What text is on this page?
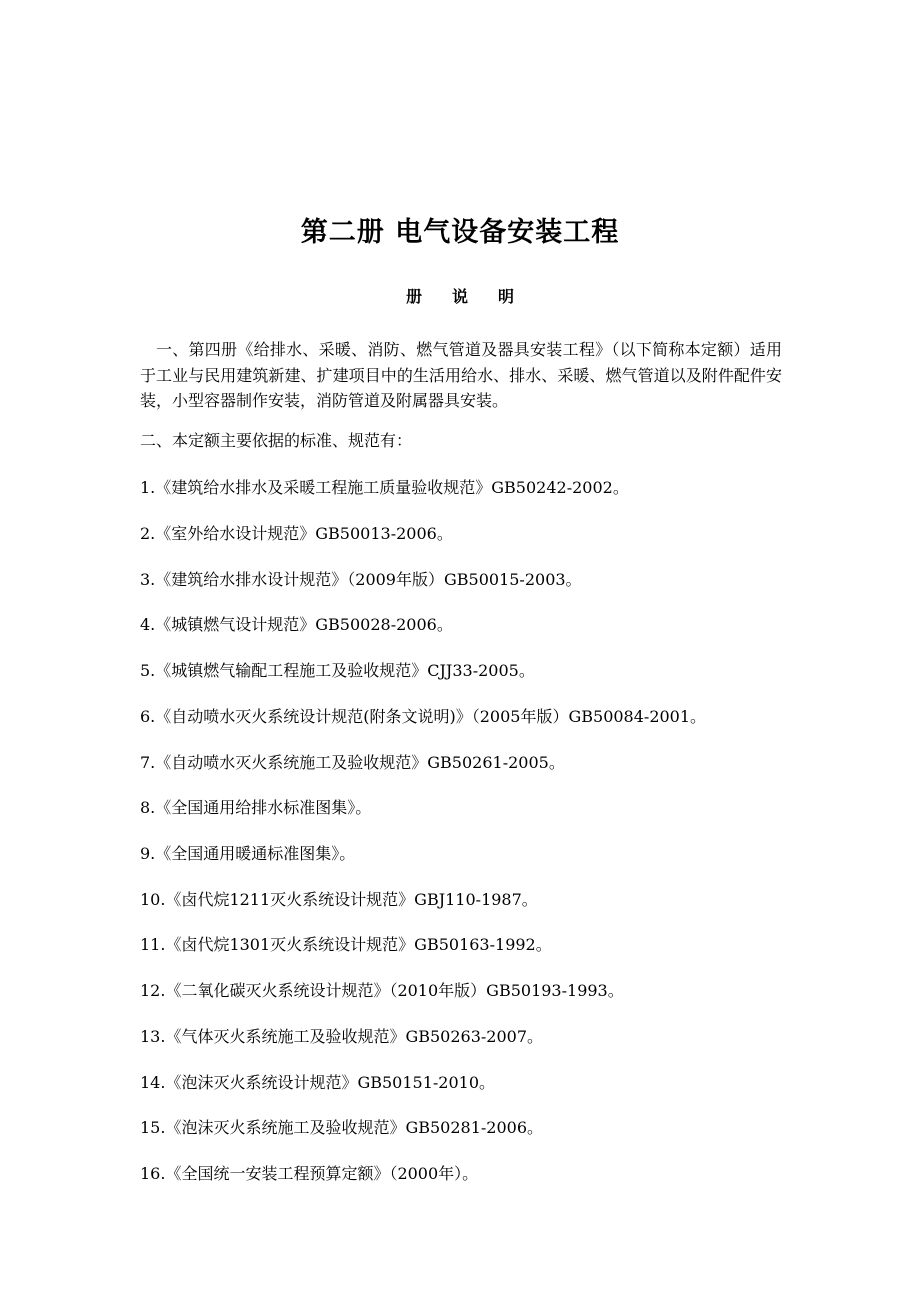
第二册 电气设备安装工程
册说明
一、第四册《给排水、采暖、消防、燃气管道及器具安装工程》（以下简称本定额）适用于工业与民用建筑新建、扩建项目中的生活用给水、排水、采暖、燃气管道以及附件配件安装，小型容器制作安装，消防管道及附属器具安装。
二、本定额主要依据的标准、规范有：
1.《建筑给水排水及采暖工程施工质量验收规范》GB50242-2002。
2.《室外给水设计规范》GB50013-2006。
3.《建筑给水排水设计规范》（2009年版）GB50015-2003。
4.《城镇燃气设计规范》GB50028-2006。
5.《城镇燃气输配工程施工及验收规范》CJJ33-2005。
6.《自动喷水灭火系统设计规范(附条文说明)》（2005年版）GB50084-2001。
7.《自动喷水灭火系统施工及验收规范》GB50261-2005。
8.《全国通用给排水标准图集》。
9.《全国通用暖通标准图集》。
10.《卤代烷1211灭火系统设计规范》GBJ110-1987。
11.《卤代烷1301灭火系统设计规范》GB50163-1992。
12.《二氧化碳灭火系统设计规范》（2010年版）GB50193-1993。
13.《气体灭火系统施工及验收规范》GB50263-2007。
14.《泡沫灭火系统设计规范》GB50151-2010。
15.《泡沫灭火系统施工及验收规范》GB50281-2006。
16.《全国统一安装工程预算定额》（2000年）。
